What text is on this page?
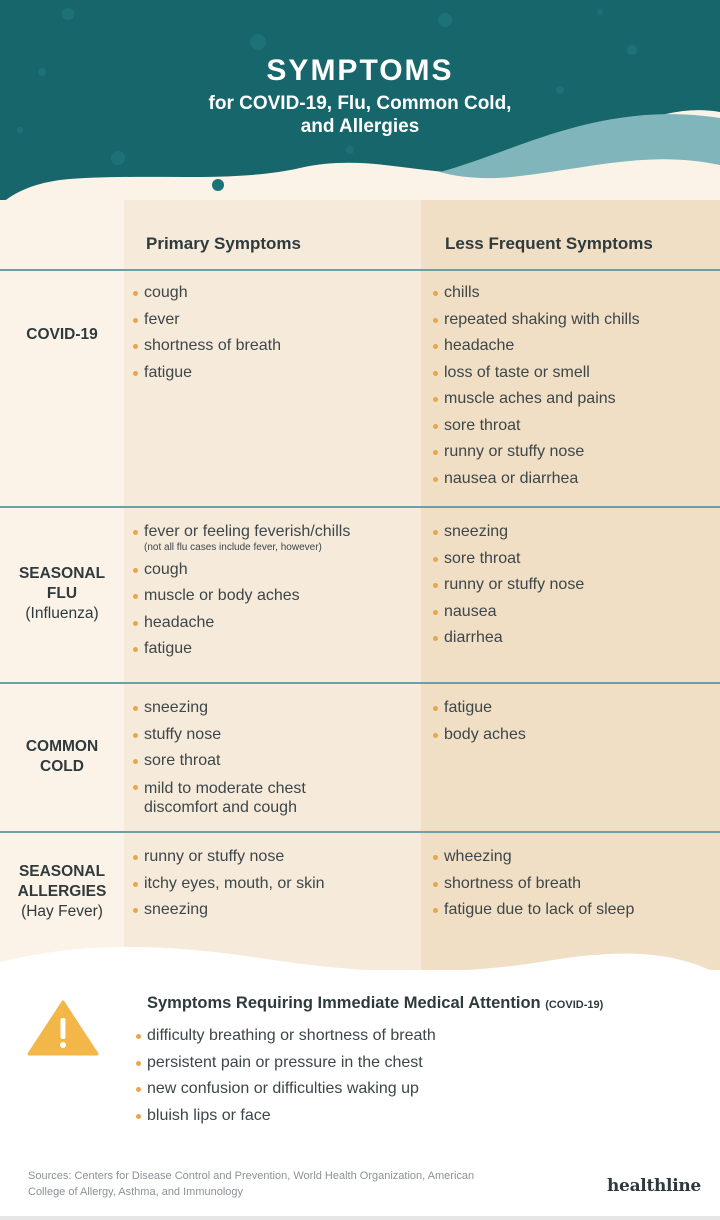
SYMPTOMS
for COVID-19, Flu, Common Cold,
and Allergies
Primary Symptoms	Less Frequent Symptoms
COVID-19
cough
fever
shortness of breath
fatigue
chills
repeated shaking with chills
headache
loss of taste or smell
muscle aches and pains
sore throat
runny or stuffy nose
nausea or diarrhea
SEASONAL
FLU
(Influenza)
fever or feeling feverish/chills
(not all flu cases include fever, however)
cough
muscle or body aches
headache
fatigue
sneezing
sore throat
runny or stuffy nose
nausea
diarrhea
COMMON
COLD
sneezing
stuffy nose
sore throat
mild to moderate chest
discomfort and cough
fatigue
body aches
SEASONAL
ALLERGIES
(Hay Fever)
runny or stuffy nose
itchy eyes, mouth, or skin
sneezing
wheezing
shortness of breath
fatigue due to lack of sleep
Symptoms Requiring Immediate Medical Attention (COVID-19)
difficulty breathing or shortness of breath
persistent pain or pressure in the chest
new confusion or difficulties waking up
bluish lips or face
Sources: Centers for Disease Control and Prevention, World Health Organization, American
College of Allergy, Asthma, and Immunology	healthline
